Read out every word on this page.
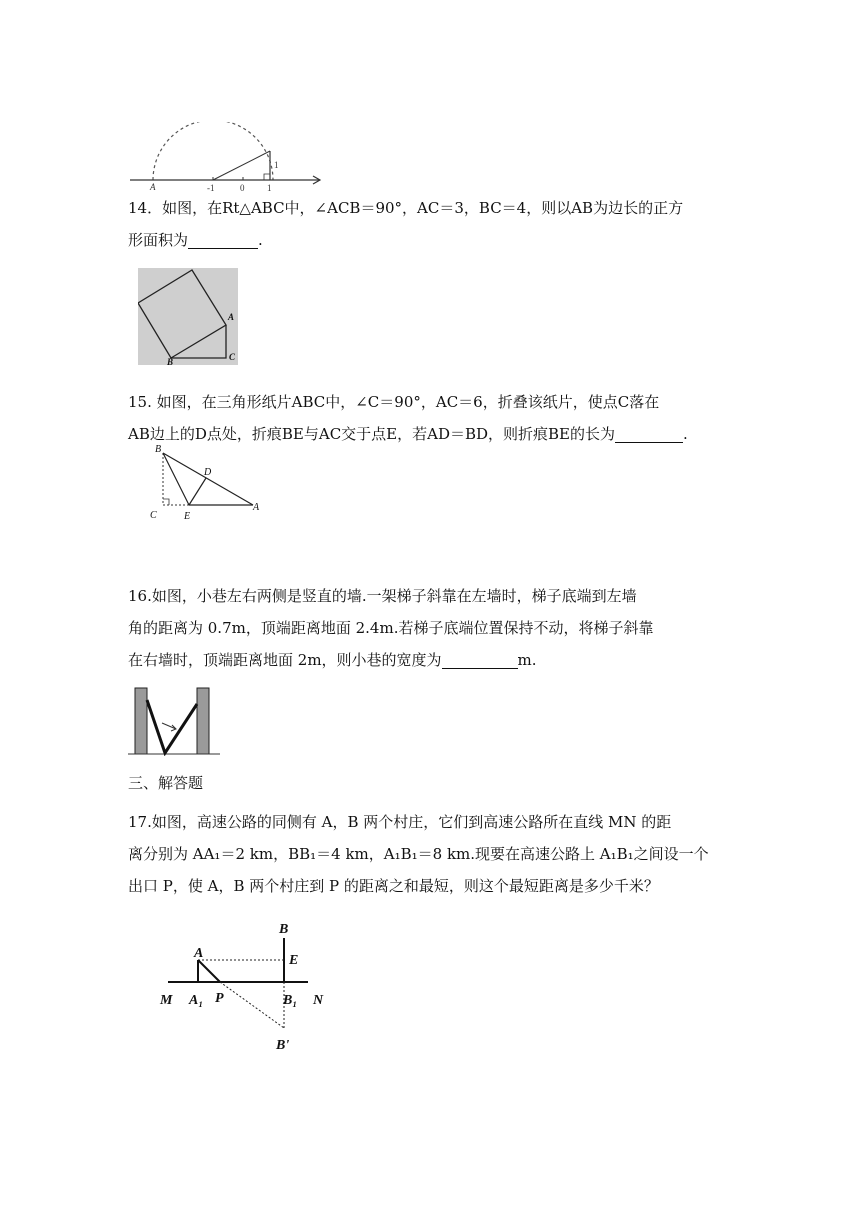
A	-1	0	1
1
14．如图，在Rt△ABC中，∠ACB＝90°，AC＝3，BC＝4，则以AB为边长的正方
形面积为	.
A
B	C
15. 如图，在三角形纸片ABC中，∠C＝90°，AC＝6，折叠该纸片，使点C落在
AB边上的D点处，折痕BE与AC交于点E，若AD＝BD，则折痕BE的长为	.
B
D
C	E
A
16.如图，小巷左右两侧是竖直的墙.一架梯子斜靠在左墙时，梯子底端到左墙
角的距离为 0.7m，顶端距离地面 2.4m.若梯子底端位置保持不动，将梯子斜靠
在右墙时，顶端距离地面 2m，则小巷的宽度为	m.
三、解答题
17.如图，高速公路的同侧有 A，B 两个村庄，它们到高速公路所在直线 MN 的距
离分别为 AA₁＝2 km，BB₁＝4 km，A₁B₁＝8 km.现要在高速公路上 A₁B₁之间设一个
出口 P，使 A，B 两个村庄到 P 的距离之和最短，则这个最短距离是多少千米？
B
A	E
M A₁ P	B₁ N
B'
